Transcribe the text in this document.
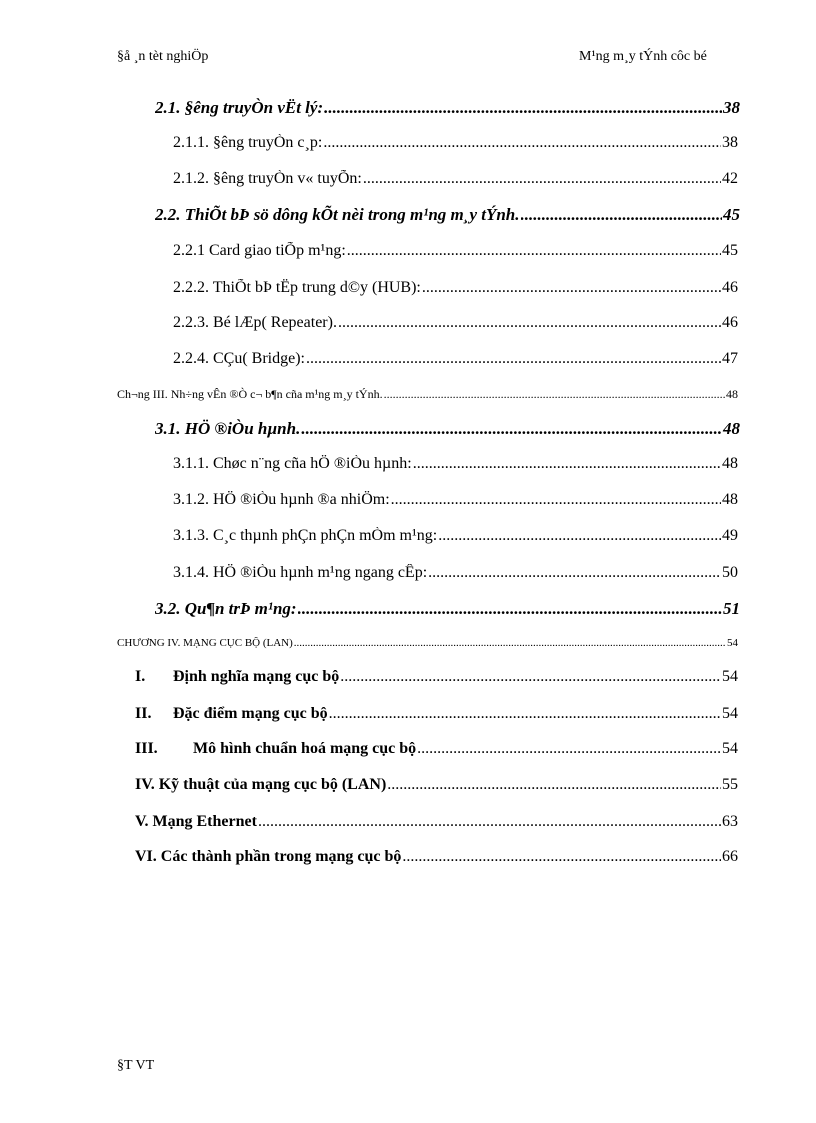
§å ¸n tèt nghiÖp	M¹ng m¸y tÝnh côc bé
2.1. §êng truyÒn vËt lý: .....	38
2.1.1. §êng truyÒn c¸p: .....	38
2.1.2. §êng truyÒn v« tuyÕn: .....	42
2.2. ThiÕt bÞ sö dông kÕt nèi trong m¹ng m¸y tÝnh. .....	45
2.2.1 Card giao tiÕp m¹ng: .....	45
2.2.2. ThiÕt bÞ tËp trung d©y (HUB): .....	46
2.2.3. Bé lÆp( Repeater). .....	46
2.2.4. CÇu( Bridge): .....	47
Ch¬ng III. Nh÷ng vÊn ®Ò c¬ b¶n cña m¹ng m¸y tÝnh. .....	48
3.1. HÖ ®iÒu hµnh. .....	48
3.1.1. Chøc n¨ng cña hÖ ®iÒu hµnh: .....	48
3.1.2. HÖ ®iÒu hµnh ®a nhiÖm: .....	48
3.1.3. C¸c thµnh phÇn phÇn mÒm m¹ng: .....	49
3.1.4. HÖ ®iÒu hµnh m¹ng ngang cÊp: .....	50
3.2. Qu¶n trÞ m¹ng: .....	51
CHƯƠNG IV. MẠNG CỤC BỘ (LAN) .....	54
I. Định nghĩa mạng cục bộ .....	54
II. Đặc điểm mạng cục bộ .....	54
III. Mô hình chuẩn hoá mạng cục bộ .....	54
IV. Kỹ thuật của mạng cục bộ (LAN) .....	55
V. Mạng Ethernet .....	63
VI. Các thành phần trong mạng cục bộ .....	66
§T VT
